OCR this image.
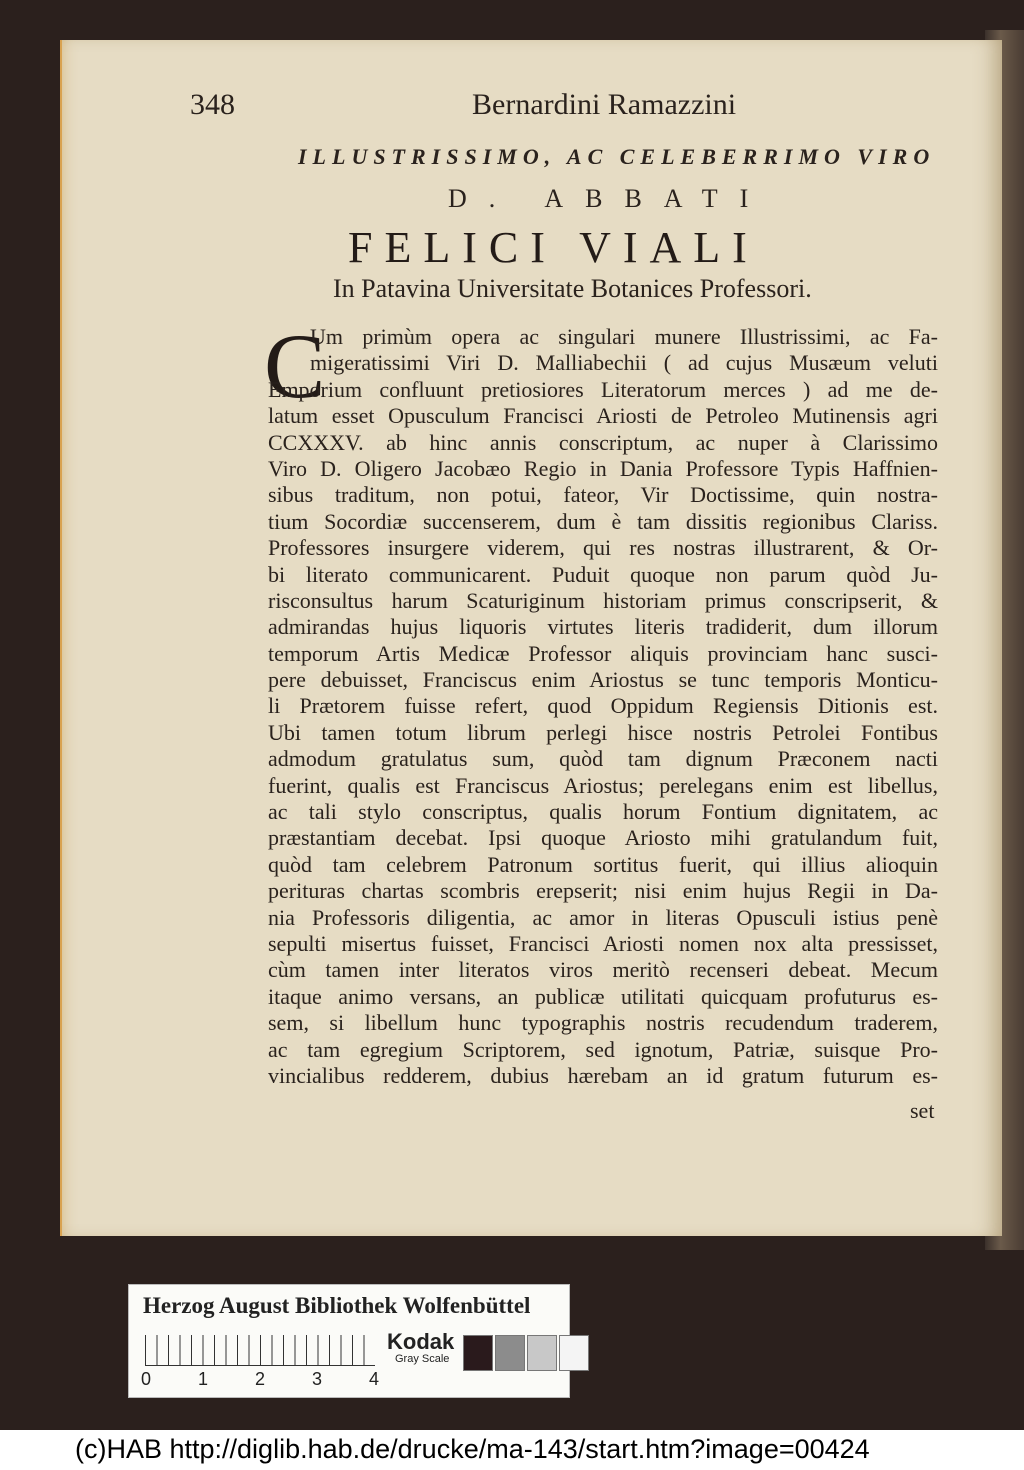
348	Bernardini Ramazzini
ILLUSTRISSIMO, AC CELEBERRIMO VIRO
D. ABBATI
FELICI VIALI
In Patavina Universitate Botanices Professori.
C
Um primùm opera ac singulari munere Illustrissimi, ac Fa-
migeratissimi Viri D. Malliabechii ( ad cujus Musæum veluti
Emporium confluunt pretiosiores Literatorum merces ) ad me de-
latum esset Opusculum Francisci Ariosti de Petroleo Mutinensis agri
CCXXXV. ab hinc annis conscriptum, ac nuper à Clarissimo
Viro D. Oligero Jacobæo Regio in Dania Professore Typis Haffnien-
sibus traditum, non potui, fateor, Vir Doctissime, quin nostra-
tium Socordiæ succenserem, dum è tam dissitis regionibus Clariss.
Professores insurgere viderem, qui res nostras illustrarent, & Or-
bi literato communicarent. Puduit quoque non parum quòd Ju-
risconsultus harum Scaturiginum historiam primus conscripserit, &
admirandas hujus liquoris virtutes literis tradiderit, dum illorum
temporum Artis Medicæ Professor aliquis provinciam hanc susci-
pere debuisset, Franciscus enim Ariostus se tunc temporis Monticu-
li Prætorem fuisse refert, quod Oppidum Regiensis Ditionis est.
Ubi tamen totum librum perlegi hisce nostris Petrolei Fontibus
admodum gratulatus sum, quòd tam dignum Præconem nacti
fuerint, qualis est Franciscus Ariostus; perelegans enim est libellus,
ac tali stylo conscriptus, qualis horum Fontium dignitatem, ac
præstantiam decebat. Ipsi quoque Ariosto mihi gratulandum fuit,
quòd tam celebrem Patronum sortitus fuerit, qui illius alioquin
perituras chartas scombris erepserit; nisi enim hujus Regii in Da-
nia Professoris diligentia, ac amor in literas Opusculi istius penè
sepulti misertus fuisset, Francisci Ariosti nomen nox alta pressisset,
cùm tamen inter literatos viros meritò recenseri debeat. Mecum
itaque animo versans, an publicæ utilitati quicquam profuturus es-
sem, si libellum hunc typographis nostris recudendum traderem,
ac tam egregium Scriptorem, sed ignotum, Patriæ, suisque Pro-
vincialibus redderem, dubius hærebam an id gratum futurum es-
set
Herzog August Bibliothek Wolfenbüttel
0	1	2	3	4
Kodak
Gray Scale
(c)HAB http://diglib.hab.de/drucke/ma-143/start.htm?image=00424
